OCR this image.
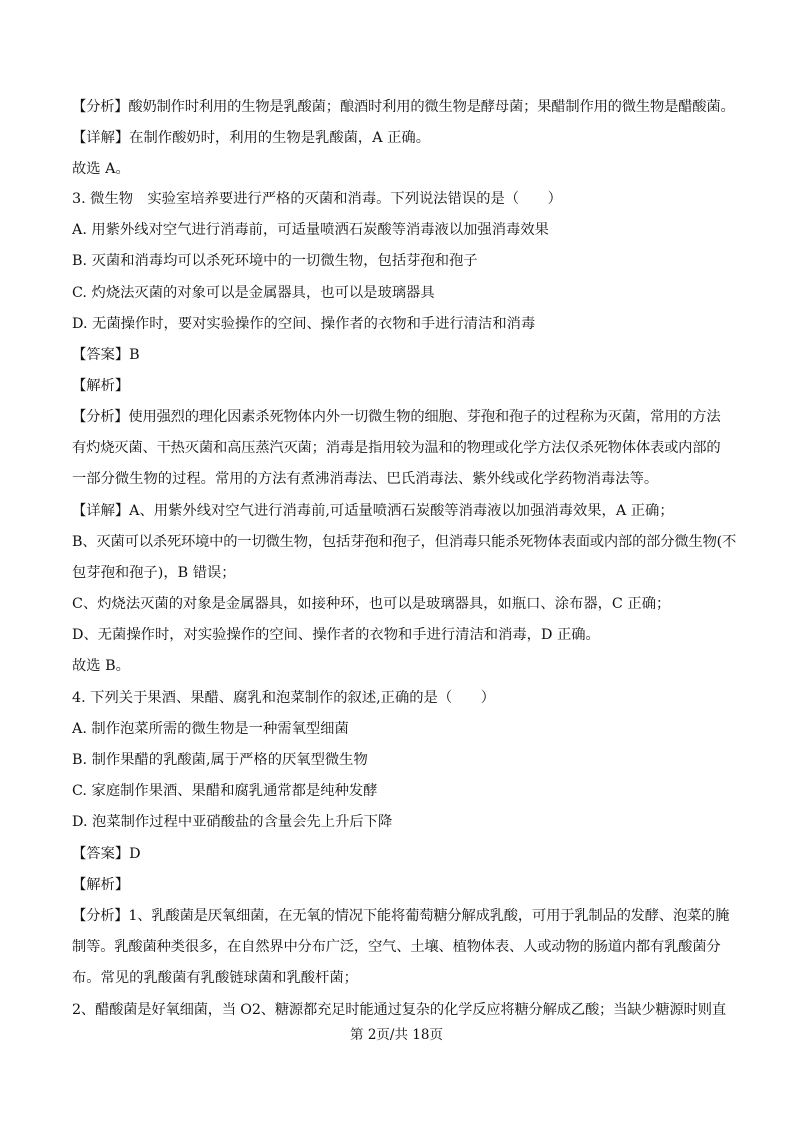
【分析】酸奶制作时利用的生物是乳酸菌；酿酒时利用的微生物是酵母菌；果醋制作用的微生物是醋酸菌。
【详解】在制作酸奶时，利用的生物是乳酸菌，A 正确。
故选 A。
3. 微生物　实验室培养要进行严格的灭菌和消毒。下列说法错误的是（　　）
A. 用紫外线对空气进行消毒前，可适量喷洒石炭酸等消毒液以加强消毒效果
B. 灭菌和消毒均可以杀死环境中的一切微生物，包括芽孢和孢子
C. 灼烧法灭菌的对象可以是金属器具，也可以是玻璃器具
D. 无菌操作时，要对实验操作的空间、操作者的衣物和手进行清洁和消毒
【答案】B
【解析】
【分析】使用强烈的理化因素杀死物体内外一切微生物的细胞、芽孢和孢子的过程称为灭菌，常用的方法
有灼烧灭菌、干热灭菌和高压蒸汽灭菌；消毒是指用较为温和的物理或化学方法仅杀死物体体表或内部的
一部分微生物的过程。常用的方法有煮沸消毒法、巴氏消毒法、紫外线或化学药物消毒法等。
【详解】A、用紫外线对空气进行消毒前,可适量喷洒石炭酸等消毒液以加强消毒效果，A 正确；
B、灭菌可以杀死环境中的一切微生物，包括芽孢和孢子，但消毒只能杀死物体表面或内部的部分微生物(不
包芽孢和孢子)，B 错误；
C、灼烧法灭菌的对象是金属器具，如接种环，也可以是玻璃器具，如瓶口、涂布器，C 正确；
D、无菌操作时，对实验操作的空间、操作者的衣物和手进行清洁和消毒，D 正确。
故选 B。
4. 下列关于果酒、果醋、腐乳和泡菜制作的叙述,正确的是（　　）
A. 制作泡菜所需的微生物是一种需氧型细菌
B. 制作果醋的乳酸菌,属于严格的厌氧型微生物
C. 家庭制作果酒、果醋和腐乳通常都是纯种发酵
D. 泡菜制作过程中亚硝酸盐的含量会先上升后下降
【答案】D
【解析】
【分析】1、乳酸菌是厌氧细菌，在无氧的情况下能将葡萄糖分解成乳酸，可用于乳制品的发酵、泡菜的腌
制等。乳酸菌种类很多，在自然界中分布广泛，空气、土壤、植物体表、人或动物的肠道内都有乳酸菌分
布。常见的乳酸菌有乳酸链球菌和乳酸杆菌；
2、醋酸菌是好氧细菌，当 O2、糖源都充足时能通过复杂的化学反应将糖分解成乙酸；当缺少糖源时则直
第 2页/共 18页
